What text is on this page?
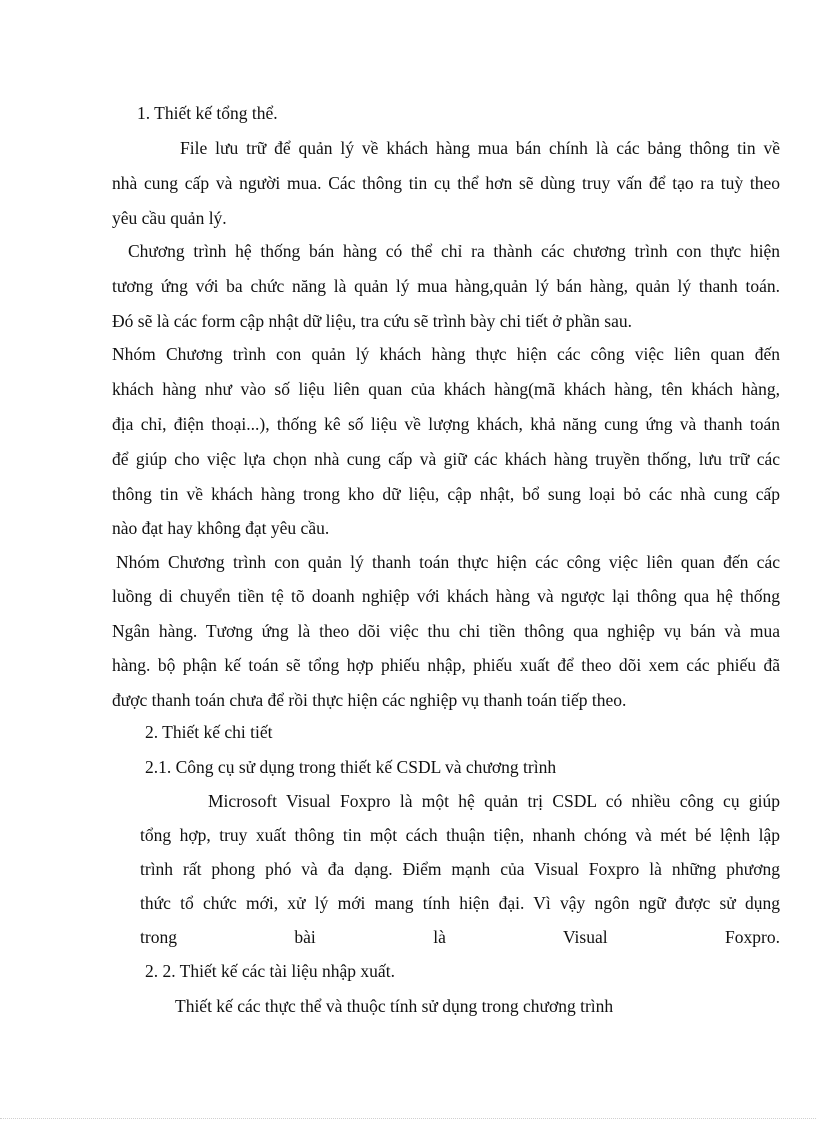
1. Thiết kế tổng thể.
File lưu trữ để quản lý về khách hàng mua bán chính là các bảng thông tin về
nhà cung cấp và người mua. Các thông tin cụ thể hơn sẽ dùng truy vấn để tạo ra tuỳ theo
yêu cầu quản lý.
Chương trình hệ thống bán hàng có thể chỉ ra thành các chương trình con thực hiện
tương ứng với ba chức năng là quản lý mua hàng,quản lý bán hàng, quản lý thanh toán.
Đó sẽ là các form cập nhật dữ liệu, tra cứu sẽ trình bày chi tiết ở phần sau.
Nhóm Chương trình con quản lý khách hàng thực hiện các công việc liên quan đến
khách hàng như vào số liệu liên quan của khách hàng(mã khách hàng, tên khách hàng,
địa chỉ, điện thoại...), thống kê số liệu về lượng khách, khả năng cung ứng và thanh toán
để giúp cho việc lựa chọn nhà cung cấp và giữ các khách hàng truyền thống, lưu trữ các
thông tin về khách hàng trong kho dữ liệu, cập nhật, bổ sung loại bỏ các nhà cung cấp
nào đạt hay không đạt yêu cầu.
Nhóm Chương trình con quản lý thanh toán thực hiện các công việc liên quan đến các
luồng di chuyển tiền tệ tõ doanh nghiệp với khách hàng và ngược lại thông qua hệ thống
Ngân hàng. Tương ứng là theo dõi việc thu chi tiền thông qua nghiệp vụ bán và mua
hàng. bộ phận kế toán sẽ tổng hợp phiếu nhập, phiếu xuất để theo dõi xem các phiếu đã
được thanh toán chưa để rồi thực hiện các nghiệp vụ thanh toán tiếp theo.
2. Thiết kế chi tiết
2.1. Công cụ sử dụng trong thiết kế CSDL và chương trình
Microsoft Visual Foxpro là một hệ quản trị CSDL có nhiều công cụ giúp
tổng hợp, truy xuất thông tin một cách thuận tiện, nhanh chóng và mét bé lệnh lập
trình rất phong phó và đa dạng. Điểm mạnh của Visual Foxpro là những phương
thức tổ chức mới, xử lý mới mang tính hiện đại. Vì vậy ngôn ngữ được sử dụng
trong bài là Visual Foxpro.
2. 2. Thiết kế các tài liệu nhập xuất.
Thiết kế các thực thể và thuộc tính sử dụng trong chương trình
